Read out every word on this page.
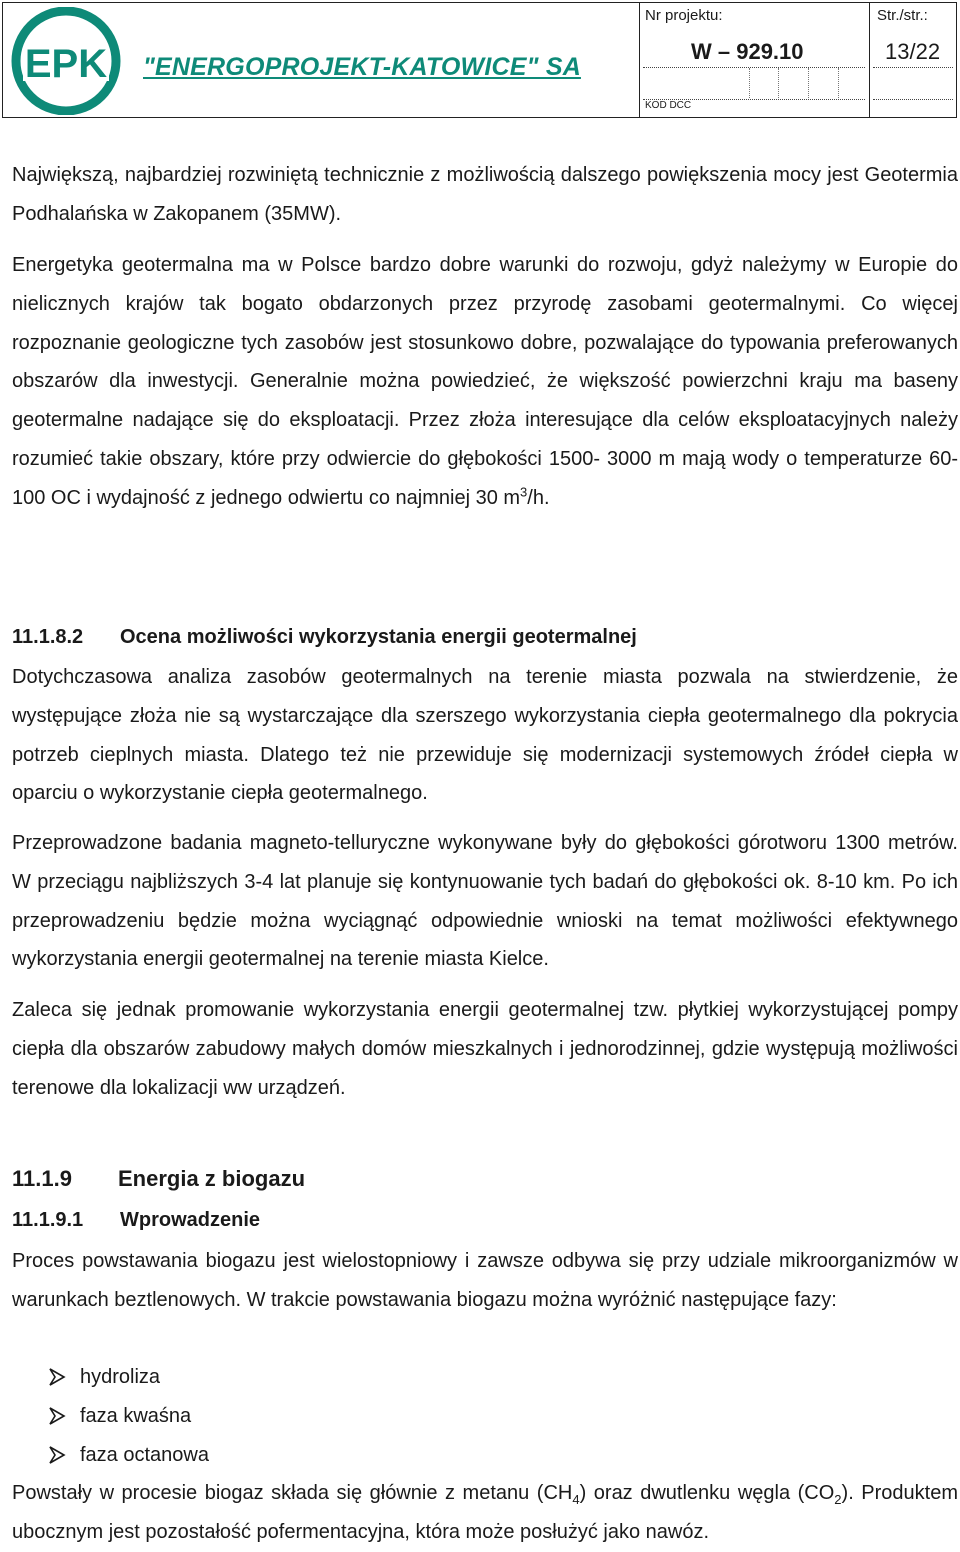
EPK "ENERGOPROJEKT-KATOWICE" SA
Nr projektu:
W – 929.10
KOD DCC
Str./str.:
13/22

Największą, najbardziej rozwiniętą technicznie z możliwością dalszego powiększenia mocy jest Geotermia Podhalańska w Zakopanem (35MW).

Energetyka geotermalna ma w Polsce bardzo dobre warunki do rozwoju, gdyż należymy w Europie do nielicznych krajów tak bogato obdarzonych przez przyrodę zasobami geotermalnymi. Co więcej rozpoznanie geologiczne tych zasobów jest stosunkowo dobre, pozwalające do typowania preferowanych obszarów dla inwestycji. Generalnie można powiedzieć, że większość powierzchni kraju ma baseny geotermalne nadające się do eksploatacji. Przez złoża interesujące dla celów eksploatacyjnych należy rozumieć takie obszary, które przy odwiercie do głębokości 1500- 3000 m mają wody o temperaturze 60- 100 OC i wydajność z jednego odwiertu co najmniej 30 $m^3/h$.

11.1.8.2 Ocena możliwości wykorzystania energii geotermalnej

Dotychczasowa analiza zasobów geotermalnych na terenie miasta pozwala na stwierdzenie, że występujące złoża nie są wystarczające dla szerszego wykorzystania ciepła geotermalnego dla pokrycia potrzeb cieplnych miasta. Dlatego też nie przewiduje się modernizacji systemowych źródeł ciepła w oparciu o wykorzystanie ciepła geotermalnego.

Przeprowadzone badania magneto-telluryczne wykonywane były do głębokości górotworu 1300 metrów. W przeciągu najbliższych 3-4 lat planuje się kontynuowanie tych badań do głębokości ok. 8-10 km. Po ich przeprowadzeniu będzie można wyciągnąć odpowiednie wnioski na temat możliwości efektywnego wykorzystania energii geotermalnej na terenie miasta Kielce.

Zaleca się jednak promowanie wykorzystania energii geotermalnej tzw. płytkiej wykorzystującej pompy ciepła dla obszarów zabudowy małych domów mieszkalnych i jednorodzinnej, gdzie występują możliwości terenowe dla lokalizacji ww urządzeń.

11.1.9 Energia z biogazu
11.1.9.1 Wprowadzenie

Proces powstawania biogazu jest wielostopniowy i zawsze odbywa się przy udziale mikroorganizmów w warunkach beztlenowych. W trakcie powstawania biogazu można wyróżnić następujące fazy:

hydroliza
faza kwaśna
faza octanowa

Powstały w procesie biogaz składa się głównie z metanu $(CH_4)$ oraz dwutlenku węgla $(CO_2)$. Produktem ubocznym jest pozostałość pofermentacyjna, która może posłużyć jako nawóz.
